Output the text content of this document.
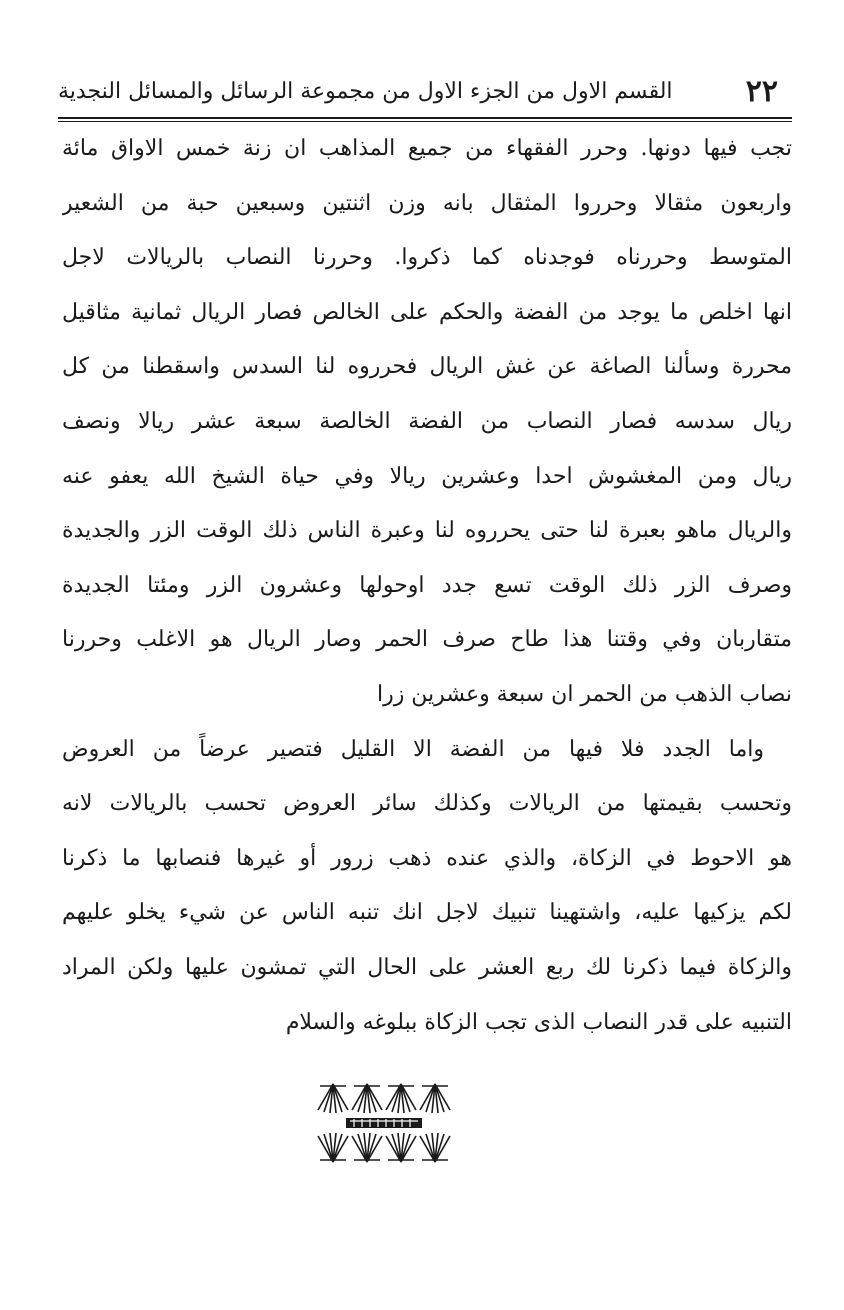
٢٢
القسم الاول من الجزء الاول من مجموعة الرسائل والمسائل النجدية
تجب فيها دونها. وحرر الفقهاء من جميع المذاهب ان زنة خمس الاواق مائة
واربعون مثقالا وحرروا المثقال بانه وزن اثنتين وسبعين حبة من الشعير
المتوسط وحررناه فوجدناه كما ذكروا. وحررنا النصاب بالريالات لاجل
انها اخلص ما يوجد من الفضة والحكم على الخالص فصار الريال ثمانية مثاقيل
محررة وسألنا الصاغة عن غش الريال فحرروه لنا السدس واسقطنا من كل
ريال سدسه فصار النصاب من الفضة الخالصة سبعة عشر ريالا ونصف
ريال ومن المغشوش احدا وعشرين ريالا وفي حياة الشيخ الله يعفو عنه
والريال ماهو بعبرة لنا حتى يحرروه لنا وعبرة الناس ذلك الوقت الزر والجديدة
وصرف الزر ذلك الوقت تسع جدد اوحولها وعشرون الزر ومئتا الجديدة
متقاربان وفي وقتنا هذا طاح صرف الحمر وصار الريال هو الاغلب وحررنا
نصاب الذهب من الحمر ان سبعة وعشرين زرا
واما الجدد فلا فيها من الفضة الا القليل فتصير عرضاً من العروض
وتحسب بقيمتها من الريالات وكذلك سائر العروض تحسب بالريالات لانه
هو الاحوط في الزكاة، والذي عنده ذهب زرور أو غيرها فنصابها ما ذكرنا
لكم يزكيها عليه، واشتهينا تنبيك لاجل انك تنبه الناس عن شيء يخلو عليهم
والزكاة فيما ذكرنا لك ربع العشر على الحال التي تمشون عليها ولكن المراد
التنبيه على قدر النصاب الذى تجب الزكاة ببلوغه والسلام
